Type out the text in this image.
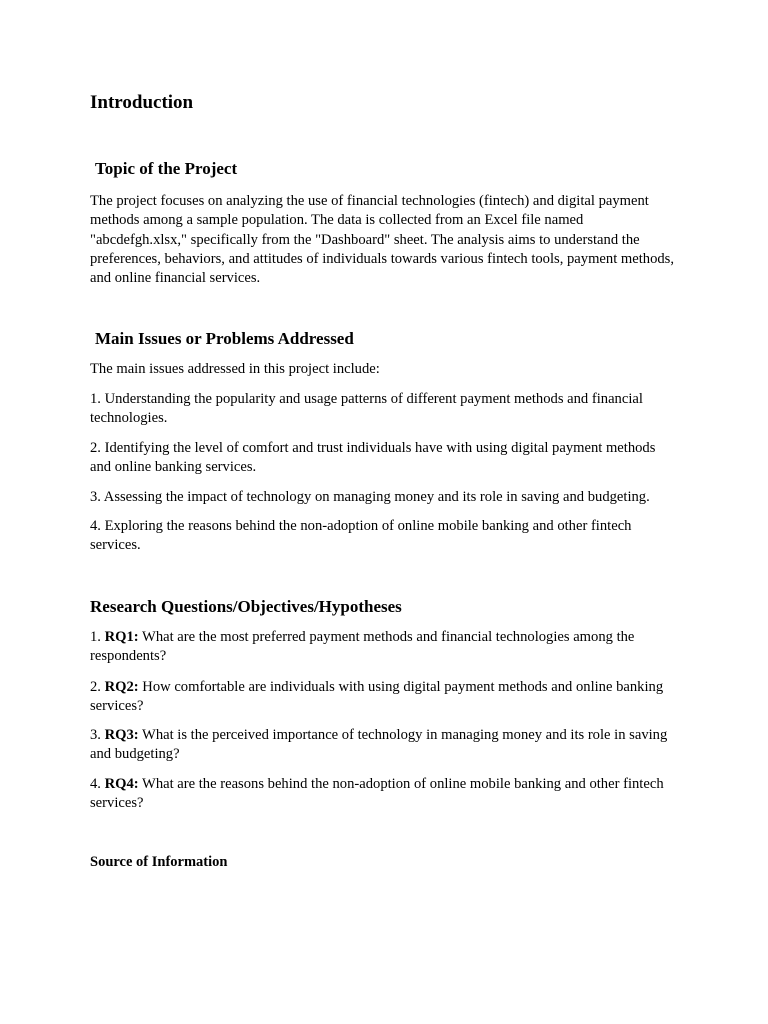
Introduction
Topic of the Project

The project focuses on analyzing the use of financial technologies (fintech) and digital payment methods among a sample population. The data is collected from an Excel file named "abcdefgh.xlsx," specifically from the "Dashboard" sheet. The analysis aims to understand the preferences, behaviors, and attitudes of individuals towards various fintech tools, payment methods, and online financial services.

Main Issues or Problems Addressed

The main issues addressed in this project include:

1. Understanding the popularity and usage patterns of different payment methods and financial technologies.

2. Identifying the level of comfort and trust individuals have with using digital payment methods and online banking services.

3. Assessing the impact of technology on managing money and its role in saving and budgeting.

4. Exploring the reasons behind the non-adoption of online mobile banking and other fintech services.

Research Questions/Objectives/Hypotheses

1. RQ1: What are the most preferred payment methods and financial technologies among the respondents?

2. RQ2: How comfortable are individuals with using digital payment methods and online banking services?

3. RQ3: What is the perceived importance of technology in managing money and its role in saving and budgeting?

4. RQ4: What are the reasons behind the non-adoption of online mobile banking and other fintech services?

Source of Information
